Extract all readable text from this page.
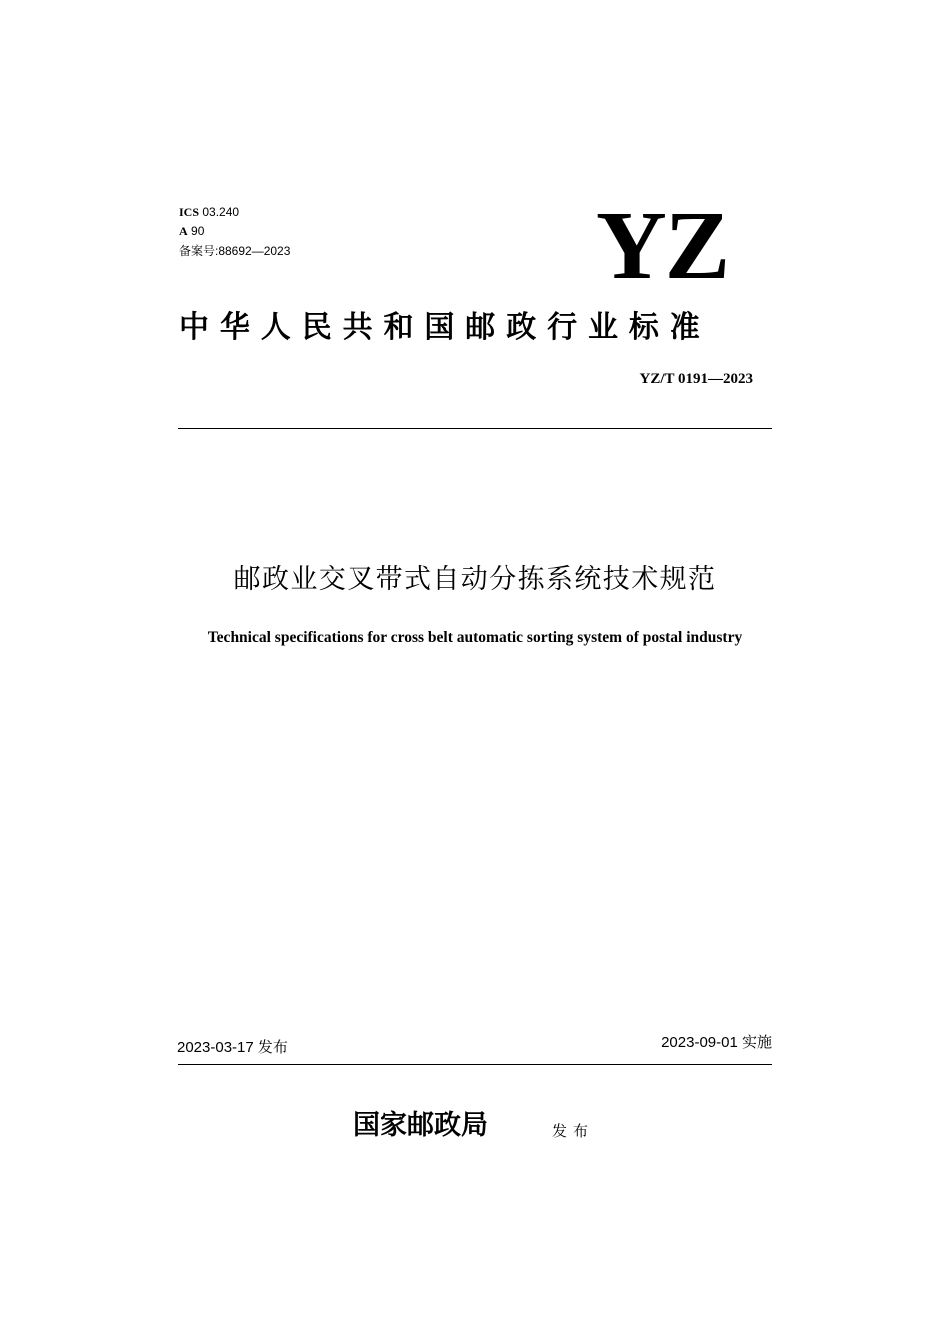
ICS 03.240
A 90
备案号:88692—2023	YZ
中华人民共和国邮政行业标准
YZ/T 0191—2023
邮政业交叉带式自动分拣系统技术规范
Technical specifications for cross belt automatic sorting system of postal industry
2023-03-17 发布	2023-09-01 实施
国家邮政局	发布
